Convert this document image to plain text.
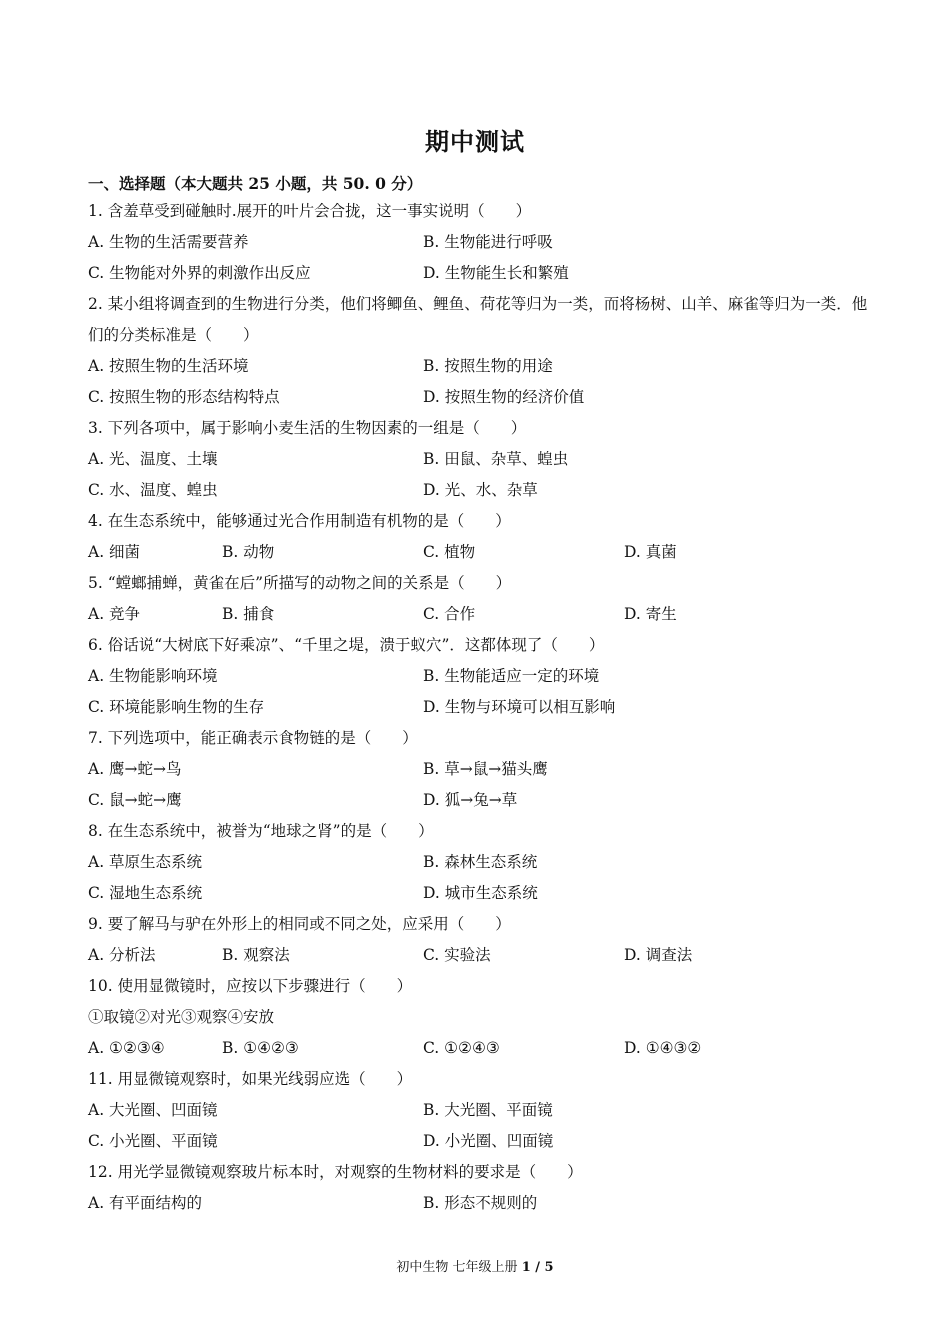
期中测试
一、选择题（本大题共 25 小题，共 50. 0 分）
1. 含羞草受到碰触时.展开的叶片会合拢，这一事实说明（　　）
A. 生物的生活需要营养	B. 生物能进行呼吸
C. 生物能对外界的刺激作出反应	D. 生物能生长和繁殖
2. 某小组将调查到的生物进行分类，他们将鲫鱼、鲤鱼、荷花等归为一类，而将杨树、山羊、麻雀等归为一类．他们的分类标准是（　　）
A. 按照生物的生活环境	B. 按照生物的用途
C. 按照生物的形态结构特点	D. 按照生物的经济价值
3. 下列各项中，属于影响小麦生活的生物因素的一组是（　　）
A. 光、温度、土壤	B. 田鼠、杂草、蝗虫
C. 水、温度、蝗虫	D. 光、水、杂草
4. 在生态系统中，能够通过光合作用制造有机物的是（　　）
A. 细菌	B. 动物	C. 植物	D. 真菌
5. “螳螂捕蝉，黄雀在后”所描写的动物之间的关系是（　　）
A. 竞争	B. 捕食	C. 合作	D. 寄生
6. 俗话说“大树底下好乘凉”、“千里之堤，溃于蚁穴”．这都体现了（　　）
A. 生物能影响环境	B. 生物能适应一定的环境
C. 环境能影响生物的生存	D. 生物与环境可以相互影响
7. 下列选项中，能正确表示食物链的是（　　）
A. 鹰→蛇→鸟	B. 草→鼠→猫头鹰
C. 鼠→蛇→鹰	D. 狐→兔→草
8. 在生态系统中，被誉为“地球之肾”的是（　　）
A. 草原生态系统	B. 森林生态系统
C. 湿地生态系统	D. 城市生态系统
9. 要了解马与驴在外形上的相同或不同之处，应采用（　　）
A. 分析法	B. 观察法	C. 实验法	D. 调查法
10. 使用显微镜时，应按以下步骤进行（　　）
①取镜②对光③观察④安放
A. ①②③④	B. ①④②③	C. ①②④③	D. ①④③②
11. 用显微镜观察时，如果光线弱应选（　　）
A. 大光圈、凹面镜	B. 大光圈、平面镜
C. 小光圈、平面镜	D. 小光圈、凹面镜
12. 用光学显微镜观察玻片标本时，对观察的生物材料的要求是（　　）
A. 有平面结构的	B. 形态不规则的
初中生物 七年级上册 1 / 5
